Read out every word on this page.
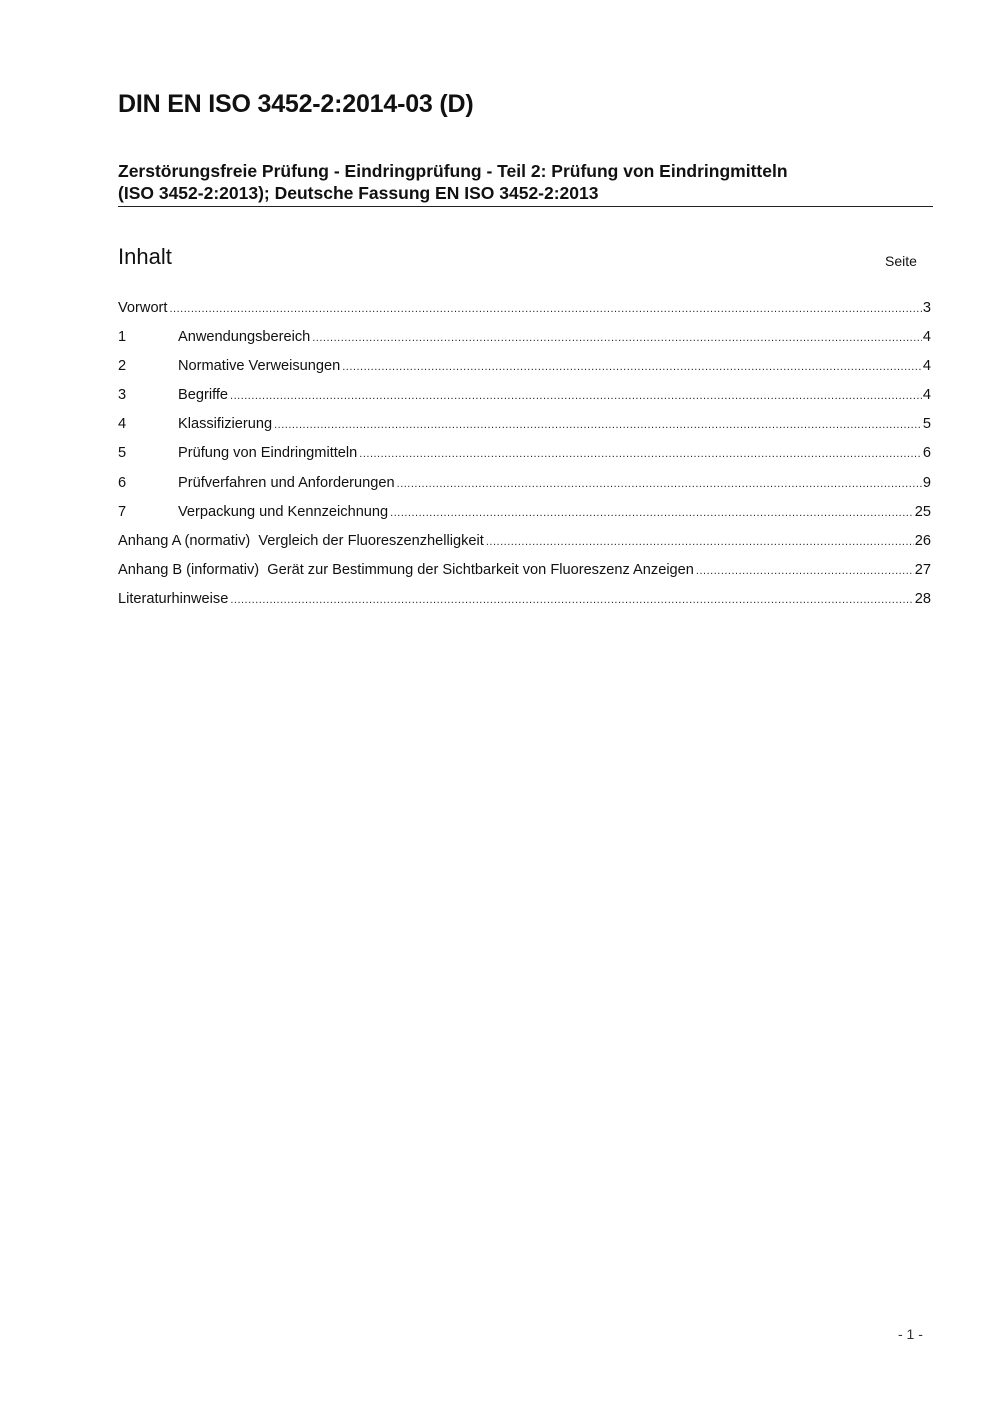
DIN EN ISO 3452-2:2014-03 (D)
Zerstörungsfreie Prüfung - Eindringprüfung - Teil 2: Prüfung von Eindringmitteln
(ISO 3452-2:2013); Deutsche Fassung EN ISO 3452-2:2013
Inhalt	Seite
Vorwort .....	3
1	Anwendungsbereich .....	4
2	Normative Verweisungen .....	4
3	Begriffe .....	4
4	Klassifizierung .....	5
5	Prüfung von Eindringmitteln .....	6
6	Prüfverfahren und Anforderungen .....	9
7	Verpackung und Kennzeichnung .....	25
Anhang A (normativ)  Vergleich der Fluoreszenzhelligkeit .....	26
Anhang B (informativ)  Gerät zur Bestimmung der Sichtbarkeit von Fluoreszenz Anzeigen .....	27
Literaturhinweise .....	28
- 1 -
